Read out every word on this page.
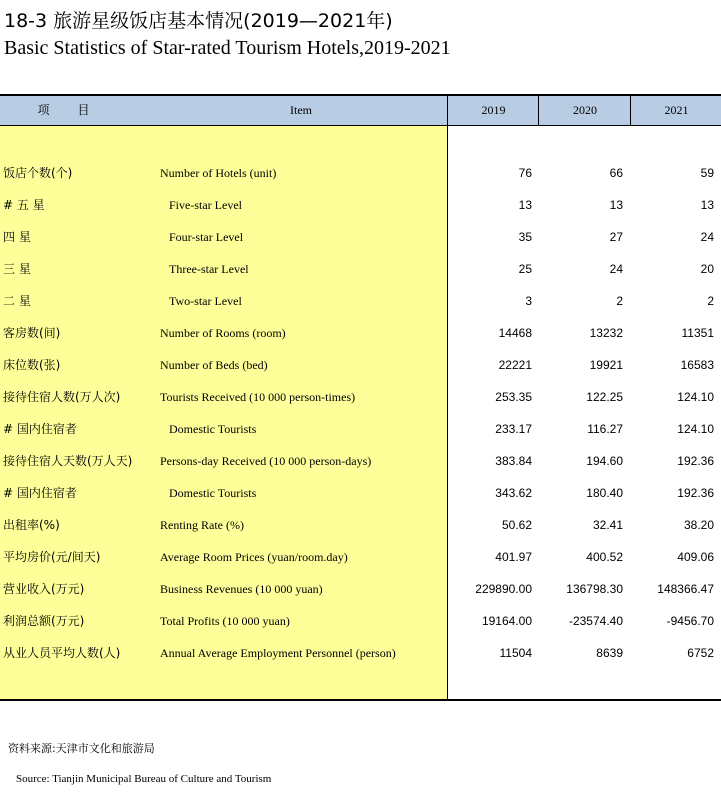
18-3 旅游星级饭店基本情况(2019—2021年)
Basic Statistics of Star-rated Tourism Hotels,2019-2021
项目	Item	2019	2020	2021
饭店个数(个)	Number of Hotels (unit)	76	66	59
# 五 星	Five-star Level	13	13	13
四 星	Four-star Level	35	27	24
三 星	Three-star Level	25	24	20
二 星	Two-star Level	3	2	2
客房数(间)	Number of Rooms (room)	14468	13232	11351
床位数(张)	Number of Beds (bed)	22221	19921	16583
接待住宿人数(万人次)	Tourists Received (10 000 person-times)	253.35	122.25	124.10
# 国内住宿者	Domestic Tourists	233.17	116.27	124.10
接待住宿人天数(万人天) Persons-day Received (10 000 person-days)	383.84	194.60	192.36
# 国内住宿者	Domestic Tourists	343.62	180.40	192.36
出租率(%)	Renting Rate (%)	50.62	32.41	38.20
平均房价(元/间天)	Average Room Prices (yuan/room.day)	401.97	400.52	409.06
营业收入(万元)	Business Revenues (10 000 yuan)	229890.00	136798.30	148366.47
利润总额(万元)	Total Profits (10 000 yuan)	19164.00	-23574.40	-9456.70
从业人员平均人数(人)	Annual Average Employment Personnel (person)	11504	8639	6752
资料来源:天津市文化和旅游局
Source: Tianjin Municipal Bureau of Culture and Tourism
